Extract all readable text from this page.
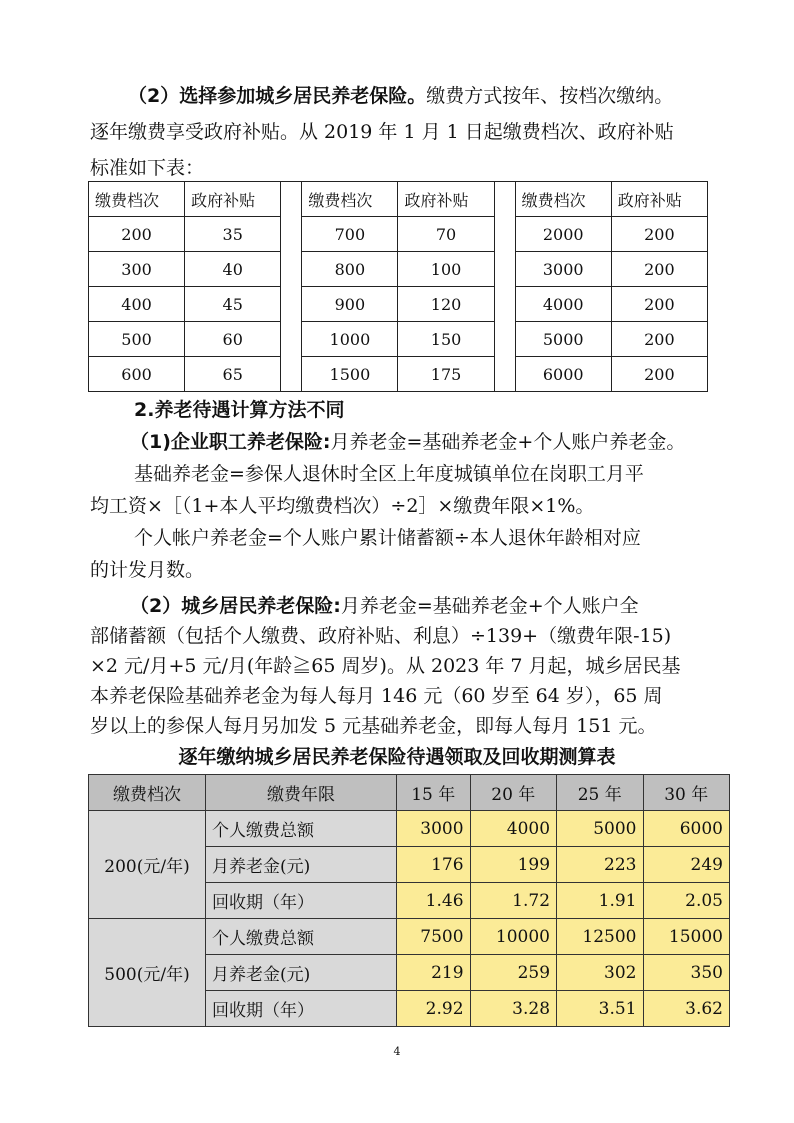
（2）选择参加城乡居民养老保险。缴费方式按年、按档次缴纳。
逐年缴费享受政府补贴。从 2019 年 1 月 1 日起缴费档次、政府补贴
标准如下表：
缴费档次	政府补贴		缴费档次	政府补贴		缴费档次	政府补贴
200	35		700	70		2000	200
300	40		800	100		3000	200
400	45		900	120		4000	200
500	60		1000	150		5000	200
600	65		1500	175		6000	200
2.养老待遇计算方法不同
（1)企业职工养老保险:月养老金=基础养老金+个人账户养老金。
基础养老金=参保人退休时全区上年度城镇单位在岗职工月平
均工资×［（1+本人平均缴费档次）÷2］×缴费年限×1%。
个人帐户养老金=个人账户累计储蓄额÷本人退休年龄相对应
的计发月数。
（2）城乡居民养老保险:月养老金=基础养老金+个人账户全
部储蓄额（包括个人缴费、政府补贴、利息）÷139+（缴费年限-15)
×2 元/月+5 元/月(年龄≧65 周岁)。从 2023 年 7 月起，城乡居民基
逐年缴纳城乡居民养老保险待遇领取及回收期测算表
缴费档次	缴费年限	15 年	20 年	25 年	30 年
200(元/年)	个人缴费总额	3000	4000	5000	6000
	月养老金(元)	176	199	223	249
	回收期（年）	1.46	1.72	1.91	2.05
500(元/年)	个人缴费总额	7500	10000	12500	15000
	月养老金(元)	219	259	302	350
	回收期（年）	2.92	3.28	3.51	3.62
4
本养老保险基础养老金为每人每月 146 元（60 岁至 64 岁），65 周
岁以上的参保人每月另加发 5 元基础养老金，即每人每月 151 元。
